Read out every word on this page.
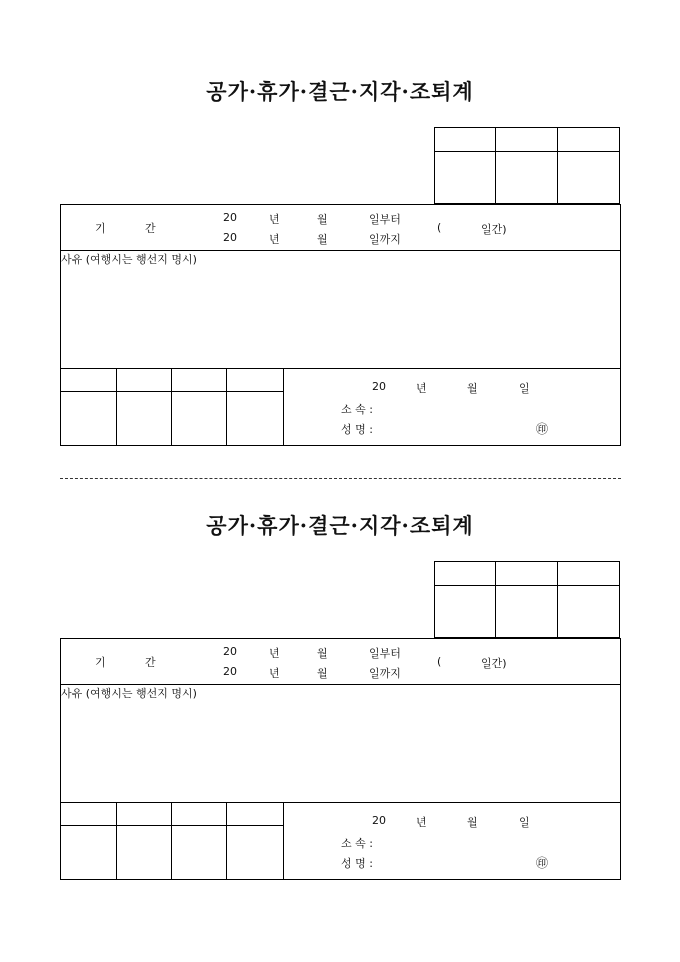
공가·휴가·결근·지각·조퇴계
기	간
20	년	월	일부터
20	년	월	일까지
(	일간)
사유 (여행시는 행선지 명시)
20	년	월	일
소 속 :
성 명 :	㊞
공가·휴가·결근·지각·조퇴계
기	간
20	년	월	일부터
20	년	월	일까지
(	일간)
사유 (여행시는 행선지 명시)
20	년	월	일
소 속 :
성 명 :	㊞
